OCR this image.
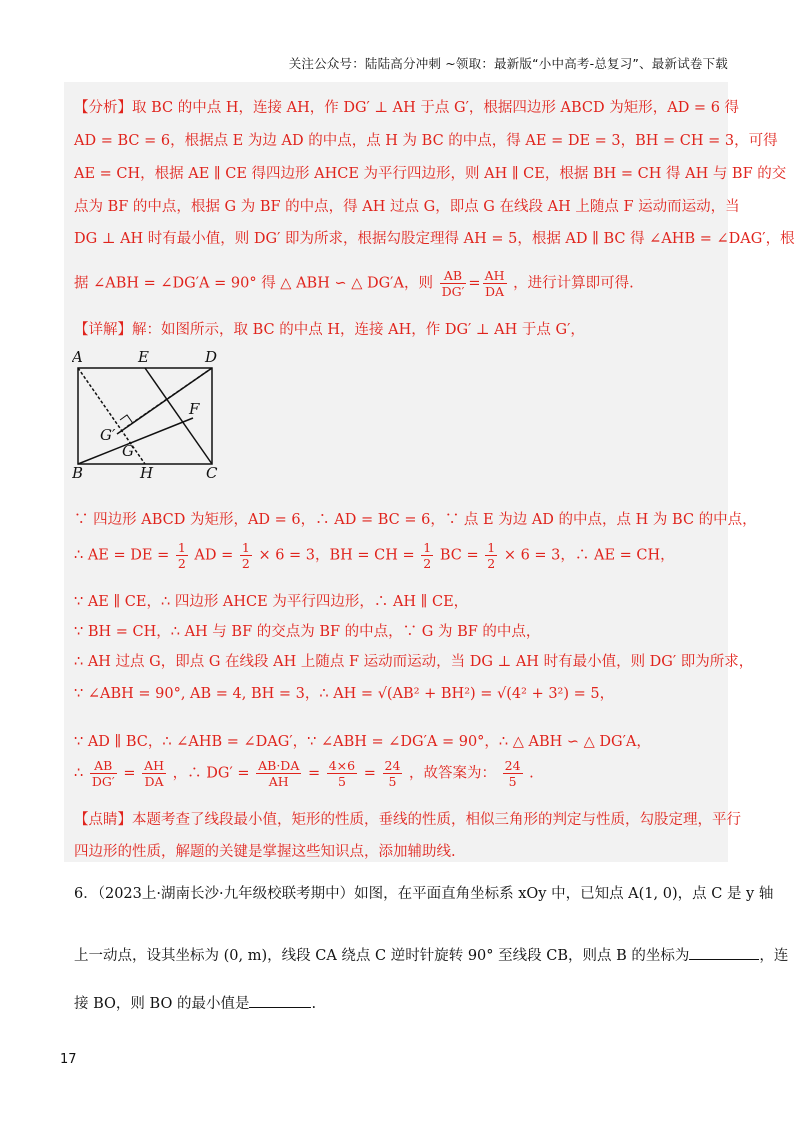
关注公众号：陆陆高分冲刺 ~领取：最新版“小中高考-总复习”、最新试卷下载
【分析】取 BC 的中点 H，连接 AH，作 DG′ ⊥ AH 于点 G′，根据四边形 ABCD 为矩形，AD = 6 得
AD = BC = 6，根据点 E 为边 AD 的中点，点 H 为 BC 的中点，得 AE = DE = 3，BH = CH = 3，可得
AE = CH，根据 AE ∥ CE 得四边形 AHCE 为平行四边形，则 AH ∥ CE，根据 BH = CH 得 AH 与 BF 的交
点为 BF 的中点，根据 G 为 BF 的中点，得 AH 过点 G，即点 G 在线段 AH 上随点 F 运动而运动，当
DG ⊥ AH 时有最小值，则 DG′ 即为所求，根据勾股定理得 AH = 5，根据 AD ∥ BC 得 ∠AHB = ∠DAG′，根
据 ∠ABH = ∠DG′A = 90° 得 △ ABH ∽ △ DG′A，则 $\frac{AB}{DG'} = \frac{AH}{DA}$ ，进行计算即可得.
【详解】解：如图所示，取 BC 的中点 H，连接 AH，作 DG′ ⊥ AH 于点 G′，
A	E	D
G′
F
G
B	H	C
∵ 四边形 ABCD 为矩形，AD = 6，∴ AD = BC = 6，∵ 点 E 为边 AD 的中点，点 H 为 BC 的中点，
∴ AE = DE = $\frac{1}{2}$ AD = $\frac{1}{2} \times 6 = 3$，BH = CH = $\frac{1}{2}$ BC = $\frac{1}{2} \times 6 = 3$，∴ AE = CH，
∵ AE ∥ CE，∴ 四边形 AHCE 为平行四边形，∴ AH ∥ CE，
∵ BH = CH，∴ AH 与 BF 的交点为 BF 的中点，∵ G 为 BF 的中点，
∴ AH 过点 G，即点 G 在线段 AH 上随点 F 运动而运动，当 DG ⊥ AH 时有最小值，则 DG′ 即为所求，
∵ ∠ABH = 90°, AB = 4, BH = 3，∴ AH = √(AB² + BH²) = √(4² + 3²) = 5，
∵ AD ∥ BC，∴ ∠AHB = ∠DAG′，∵ ∠ABH = ∠DG′A = 90°，∴ △ ABH ∽ △ DG′A，
∴ $\frac{AB}{DG'} = \frac{AH}{DA}$ ，∴ $DG' = \frac{AB\cdot DA}{AH} = \frac{4\times 6}{5} = \frac{24}{5}$ ，故答案为： $\frac{24}{5}$ .
【点睛】本题考查了线段最小值，矩形的性质，垂线的性质，相似三角形的判定与性质，勾股定理，平行
四边形的性质，解题的关键是掌握这些知识点，添加辅助线.
6．（2023上·湖南长沙·九年级校联考期中）如图，在平面直角坐标系 xOy 中，已知点 A(1, 0)，点 C 是 y 轴
上一动点，设其坐标为 (0, m)，线段 CA 绕点 C 逆时针旋转 90° 至线段 CB，则点 B 的坐标为	，连
接 BO，则 BO 的最小值是	.
17
